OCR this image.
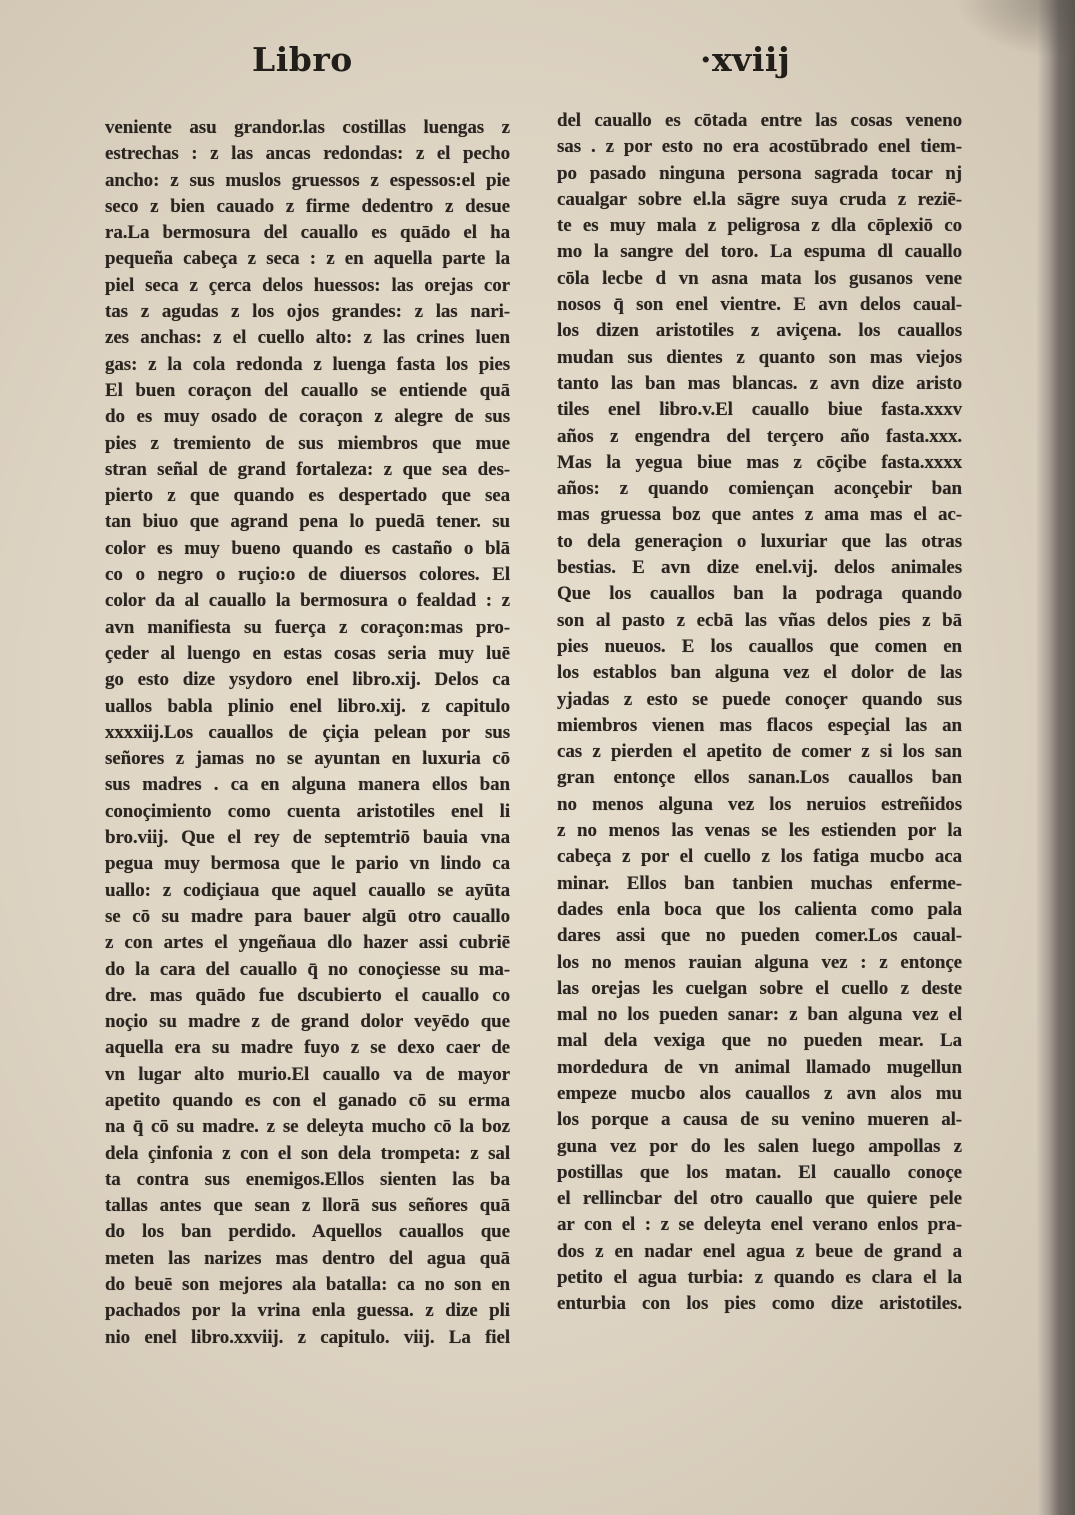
Libro	·xviij
veniente asu grandor.las costillas luengas z
estrechas : z las ancas redondas: z el pecho
ancho: z sus muslos gruessos z espessos:el pie
seco z bien cauado z firme dedentro z desue
ra.La bermosura del cauallo es quādo el ha
pequeña cabeça z seca : z en aquella parte la
piel seca z çerca delos huessos: las orejas cor
tas z agudas z los ojos grandes: z las nari-
zes anchas: z el cuello alto: z las crines luen
gas: z la cola redonda z luenga fasta los pies
El buen coraçon del cauallo se entiende quā
do es muy osado de coraçon z alegre de sus
pies z tremiento de sus miembros que mue
stran señal de grand fortaleza: z que sea des-
pierto z que quando es despertado que sea
tan biuo que agrand pena lo puedā tener. su
color es muy bueno quando es castaño o blā
co o negro o ruçio:o de diuersos colores. El
color da al cauallo la bermosura o fealdad : z
avn manifiesta su fuerça z coraçon:mas pro-
çeder al luengo en estas cosas seria muy luē
go esto dize ysydoro enel libro.xij. Delos ca
uallos babla plinio enel libro.xij. z capitulo
xxxxiij.Los cauallos de çiçia pelean por sus
señores z jamas no se ayuntan en luxuria cō
sus madres . ca en alguna manera ellos ban
conoçimiento como cuenta aristotiles enel li
bro.viij. Que el rey de septemtriō bauia vna
pegua muy bermosa que le pario vn lindo ca
uallo: z codiçiaua que aquel cauallo se ayūta
se cō su madre para bauer algū otro cauallo
z con artes el yngeñaua dlo hazer assi cubriē
do la cara del cauallo q̄ no conoçiesse su ma-
dre. mas quādo fue dscubierto el cauallo co
noçio su madre z de grand dolor veyēdo que
aquella era su madre fuyo z se dexo caer de
vn lugar alto murio.El cauallo va de mayor
apetito quando es con el ganado cō su erma
na q̄ cō su madre. z se deleyta mucho cō la boz
dela çinfonia z con el son dela trompeta: z sal
ta contra sus enemigos.Ellos sienten las ba
tallas antes que sean z llorā sus señores quā
do los ban perdido. Aquellos cauallos que
meten las narizes mas dentro del agua quā
do beuē son mejores ala batalla: ca no son en
pachados por la vrina enla guessa. z dize pli
nio enel libro.xxviij. z capitulo. viij. La fiel
del cauallo es cōtada entre las cosas veneno
sas . z por esto no era acostūbrado enel tiem-
po pasado ninguna persona sagrada tocar nj
caualgar sobre el.la sāgre suya cruda z reziē-
te es muy mala z peligrosa z dla cōplexiō co
mo la sangre del toro. La espuma dl cauallo
cōla lecbe d vn asna mata los gusanos vene
nosos q̄ son enel vientre. E avn delos caual-
los dizen aristotiles z aviçena. los cauallos
mudan sus dientes z quanto son mas viejos
tanto las ban mas blancas. z avn dize aristo
tiles enel libro.v.El cauallo biue fasta.xxxv
años z engendra del terçero año fasta.xxx.
Mas la yegua biue mas z cōçibe fasta.xxxx
años: z quando comiençan aconçebir ban
mas gruessa boz que antes z ama mas el ac-
to dela generaçion o luxuriar que las otras
bestias. E avn dize enel.vij. delos animales
Que los cauallos ban la podraga quando
son al pasto z ecbā las vñas delos pies z bā
pies nueuos. E los cauallos que comen en
los establos ban alguna vez el dolor de las
yjadas z esto se puede conoçer quando sus
miembros vienen mas flacos espeçial las an
cas z pierden el apetito de comer z si los san
gran entonçe ellos sanan.Los cauallos ban
no menos alguna vez los neruios estreñidos
z no menos las venas se les estienden por la
cabeça z por el cuello z los fatiga mucbo aca
minar. Ellos ban tanbien muchas enferme-
dades enla boca que los calienta como pala
dares assi que no pueden comer.Los caual-
los no menos rauian alguna vez : z entonçe
las orejas les cuelgan sobre el cuello z deste
mal no los pueden sanar: z ban alguna vez el
mal dela vexiga que no pueden mear. La
mordedura de vn animal llamado mugellun
empeze mucbo alos cauallos z avn alos mu
los porque a causa de su venino mueren al-
guna vez por do les salen luego ampollas z
postillas que los matan. El cauallo conoçe
el rellincbar del otro cauallo que quiere pele
ar con el : z se deleyta enel verano enlos pra-
dos z en nadar enel agua z beue de grand a
petito el agua turbia: z quando es clara el la
enturbia con los pies como dize aristotiles.
